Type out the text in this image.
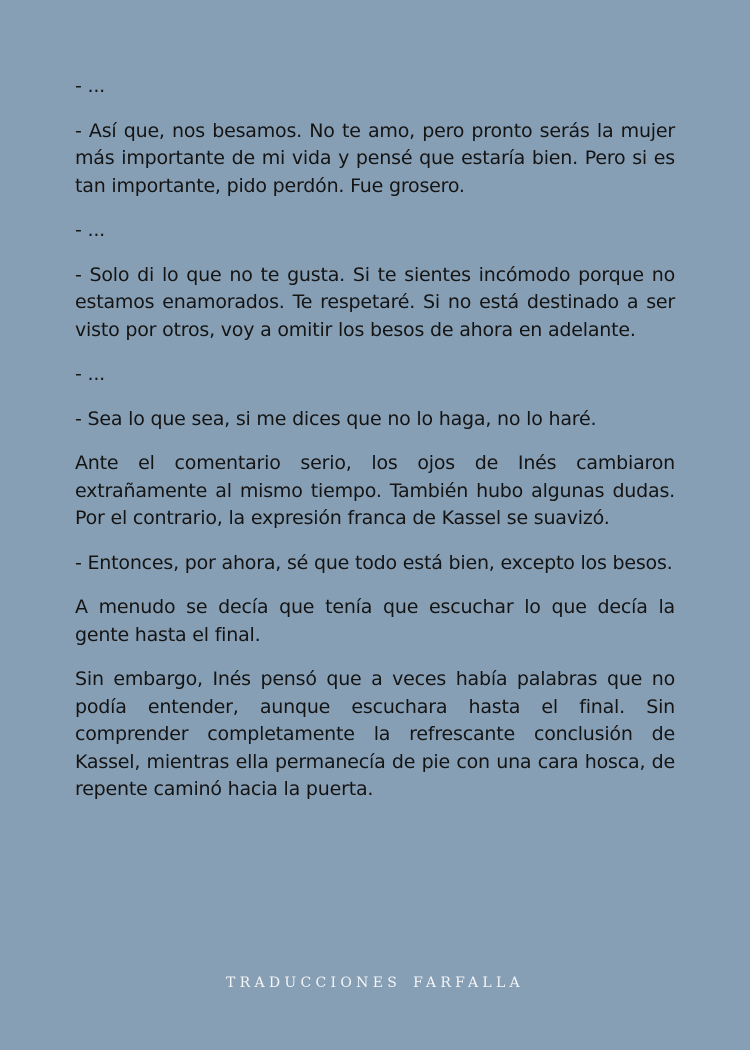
- ...

- Así que, nos besamos. No te amo, pero pronto serás la mujer más importante de mi vida y pensé que estaría bien. Pero si es tan importante, pido perdón. Fue grosero.

- ...

- Solo di lo que no te gusta. Si te sientes incómodo porque no estamos enamorados. Te respetaré. Si no está destinado a ser visto por otros, voy a omitir los besos de ahora en adelante.

- ...

- Sea lo que sea, si me dices que no lo haga, no lo haré.

Ante el comentario serio, los ojos de Inés cambiaron extrañamente al mismo tiempo. También hubo algunas dudas. Por el contrario, la expresión franca de Kassel se suavizó.

- Entonces, por ahora, sé que todo está bien, excepto los besos.

A menudo se decía que tenía que escuchar lo que decía la gente hasta el final.

Sin embargo, Inés pensó que a veces había palabras que no podía entender, aunque escuchara hasta el final. Sin comprender completamente la refrescante conclusión de Kassel, mientras ella permanecía de pie con una cara hosca, de repente caminó hacia la puerta.

TRADUCCIONES FARFALLA
